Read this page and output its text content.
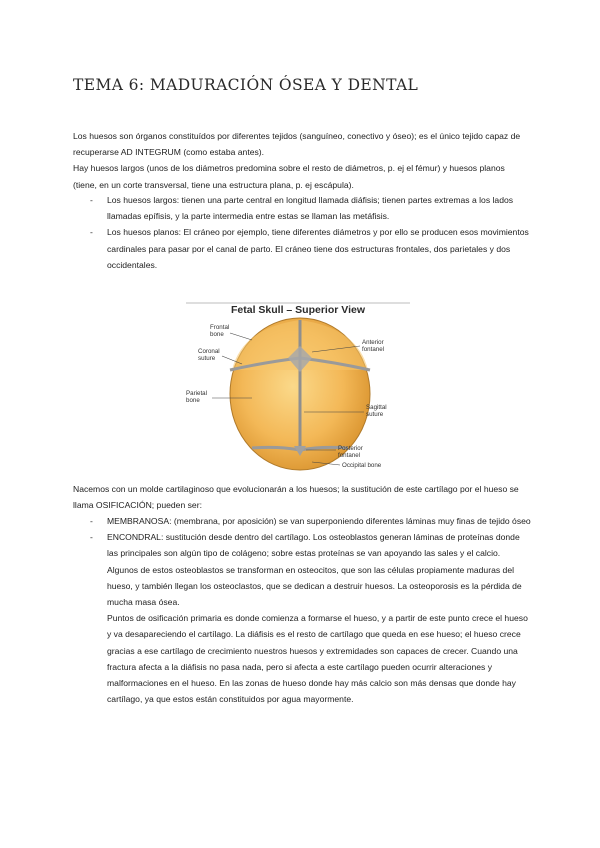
TEMA 6: MADURACIÓN ÓSEA Y DENTAL
Los huesos son órganos constituídos por diferentes tejidos (sanguíneo, conectivo y óseo); es el único tejido capaz de recuperarse AD INTEGRUM (como estaba antes).
Hay huesos largos (unos de los diámetros predomina sobre el resto de diámetros, p. ej el fémur) y huesos planos (tiene, en un corte transversal, tiene una estructura plana, p. ej escápula).
- Los huesos largos: tienen una parte central en longitud llamada diáfisis; tienen partes extremas a los lados llamadas epífisis, y la parte intermedia entre estas se llaman las metáfisis.
- Los huesos planos: El cráneo por ejemplo, tiene diferentes diámetros y por ello se producen esos movimientos cardinales para pasar por el canal de parto. El cráneo tiene dos estructuras frontales, dos parietales y dos occidentales.
Fetal Skull – Superior View
Frontal
bone
Coronal
suture
Parietal
bone
Anterior
fontanel
Sagittal
suture
Posterior
fontanel
Occipital bone
Nacemos con un molde cartilaginoso que evolucionarán a los huesos; la sustitución de este cartílago por el hueso se llama OSIFICACIÓN; pueden ser:
- MEMBRANOSA: (membrana, por aposición) se van superponiendo diferentes láminas muy finas de tejido óseo
- ENCONDRAL: sustitución desde dentro del cartílago. Los osteoblastos generan láminas de proteínas donde las principales son algún tipo de colágeno; sobre estas proteínas se van apoyando las sales y el calcio. Algunos de estos osteoblastos se transforman en osteocitos, que son las células propiamente maduras del hueso, y también llegan los osteoclastos, que se dedican a destruir huesos. La osteoporosis es la pérdida de mucha masa ósea.
Puntos de osificación primaria es donde comienza a formarse el hueso, y a partir de este punto crece el hueso y va desapareciendo el cartílago. La diáfisis es el resto de cartílago que queda en ese hueso; el hueso crece gracias a ese cartílago de crecimiento nuestros huesos y extremidades son capaces de crecer. Cuando una fractura afecta a la diáfisis no pasa nada, pero si afecta a este cartílago pueden ocurrir alteraciones y malformaciones en el hueso. En las zonas de hueso donde hay más calcio son más densas que donde hay cartílago, ya que estos están constituidos por agua mayormente.
